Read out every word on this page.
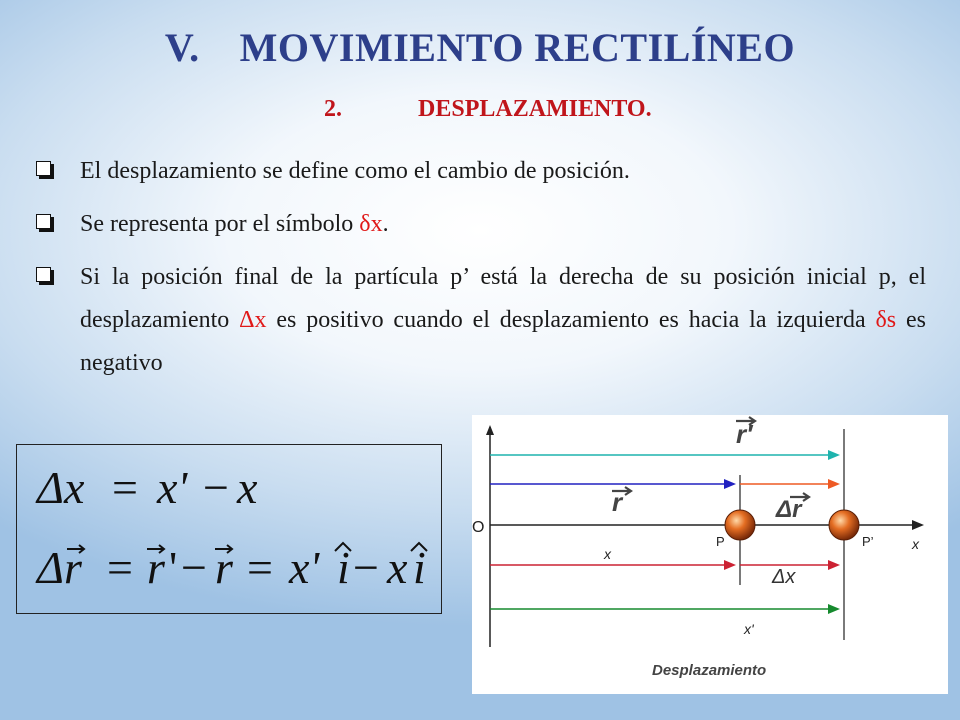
V. MOVIMIENTO RECTILÍNEO
2.	DESPLAZAMIENTO.
El desplazamiento se define como el cambio de posición.
Se representa por el símbolo δx.
Si la posición final de la partícula p’ está la derecha de su posición inicial p, el desplazamiento Δx es positivo cuando el desplazamiento es hacia la izquierda δs es negativo
Δx = x' − x
Δr = r ' − r = x' i − x i
r′
r	Δr
O
P	P’	x
x
Δx
x'
Desplazamiento
